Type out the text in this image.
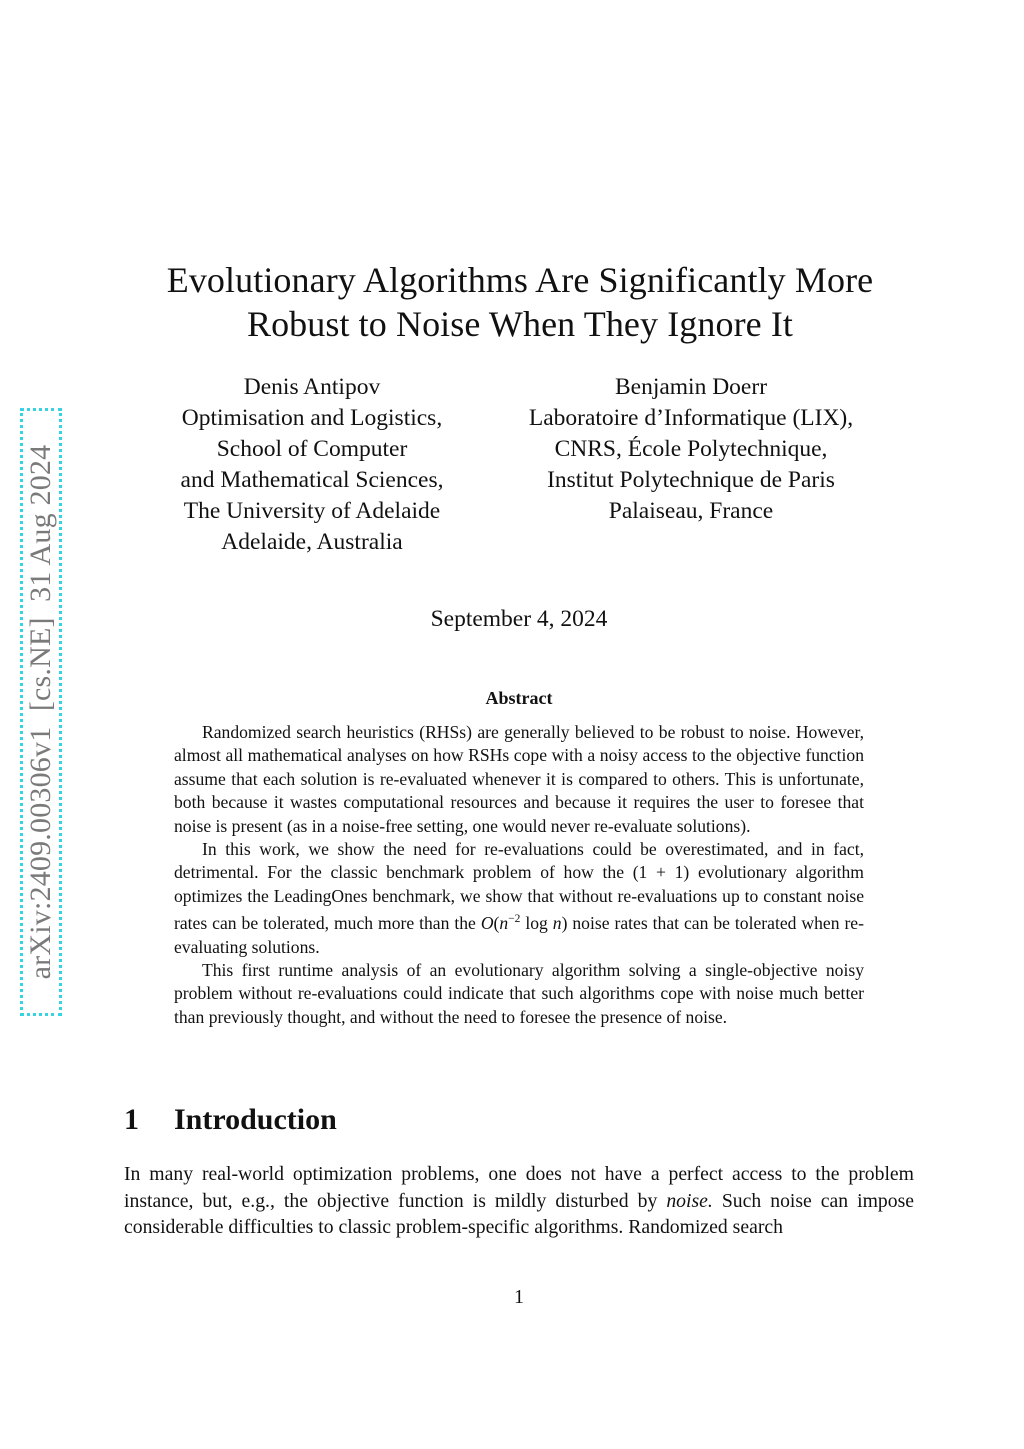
arXiv:2409.00306v1  [cs.NE]  31 Aug 2024
Evolutionary Algorithms Are Significantly More
Robust to Noise When They Ignore It
Denis Antipov
Optimisation and Logistics,
School of Computer
and Mathematical Sciences,
The University of Adelaide
Adelaide, Australia
Benjamin Doerr
Laboratoire d’Informatique (LIX),
CNRS, École Polytechnique,
Institut Polytechnique de Paris
Palaiseau, France
September 4, 2024
Abstract

Randomized search heuristics (RHSs) are generally believed to be robust to noise. However, almost all mathematical analyses on how RSHs cope with a noisy access to the objective function assume that each solution is re-evaluated whenever it is compared to others. This is unfortunate, both because it wastes computational resources and because it requires the user to foresee that noise is present (as in a noise-free setting, one would never re-evaluate solutions).

In this work, we show the need for re-evaluations could be overestimated, and in fact, detrimental. For the classic benchmark problem of how the (1 + 1) evolutionary algorithm optimizes the LeadingOnes benchmark, we show that without re-evaluations up to constant noise rates can be tolerated, much more than the $O(n^{-2}$ log n) noise rates that can be tolerated when re-evaluating solutions.

This first runtime analysis of an evolutionary algorithm solving a single-objective noisy problem without re-evaluations could indicate that such algorithms cope with noise much better than previously thought, and without the need to foresee the presence of noise.

1 Introduction

In many real-world optimization problems, one does not have a perfect access to the problem instance, but, e.g., the objective function is mildly disturbed by noise. Such noise can impose considerable difficulties to classic problem-specific algorithms. Randomized search

1
